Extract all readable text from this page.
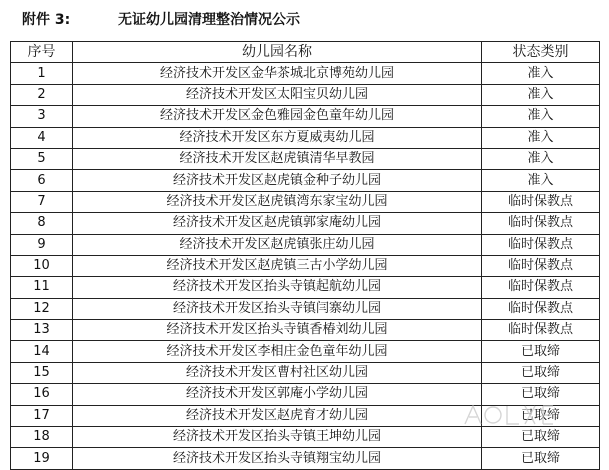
附件 3:	无证幼儿园清理整治情况公示
序号	幼儿园名称	状态类别
1	经济技术开发区金华茶城北京博苑幼儿园	准入
2	经济技术开发区太阳宝贝幼儿园	准入
3	经济技术开发区金色雅园金色童年幼儿园	准入
4	经济技术开发区东方夏威夷幼儿园	准入
5	经济技术开发区赵虎镇清华早教园	准入
6	经济技术开发区赵虎镇金种子幼儿园	准入
7	经济技术开发区赵虎镇湾东家宝幼儿园	临时保教点
8	经济技术开发区赵虎镇郭家庵幼儿园	临时保教点
9	经济技术开发区赵虎镇张庄幼儿园	临时保教点
10	经济技术开发区赵虎镇三古小学幼儿园	临时保教点
11	经济技术开发区抬头寺镇起航幼儿园	临时保教点
12	经济技术开发区抬头寺镇闫寨幼儿园	临时保教点
13	经济技术开发区抬头寺镇香椿刘幼儿园	临时保教点
14	经济技术开发区李相庄金色童年幼儿园	已取缔
15	经济技术开发区曹村社区幼儿园	已取缔
16	经济技术开发区郭庵小学幼儿园	已取缔
17	经济技术开发区赵虎育才幼儿园	已取缔
18	经济技术开发区抬头寺镇王坤幼儿园	已取缔
19	经济技术开发区抬头寺镇翔宝幼儿园	已取缔
